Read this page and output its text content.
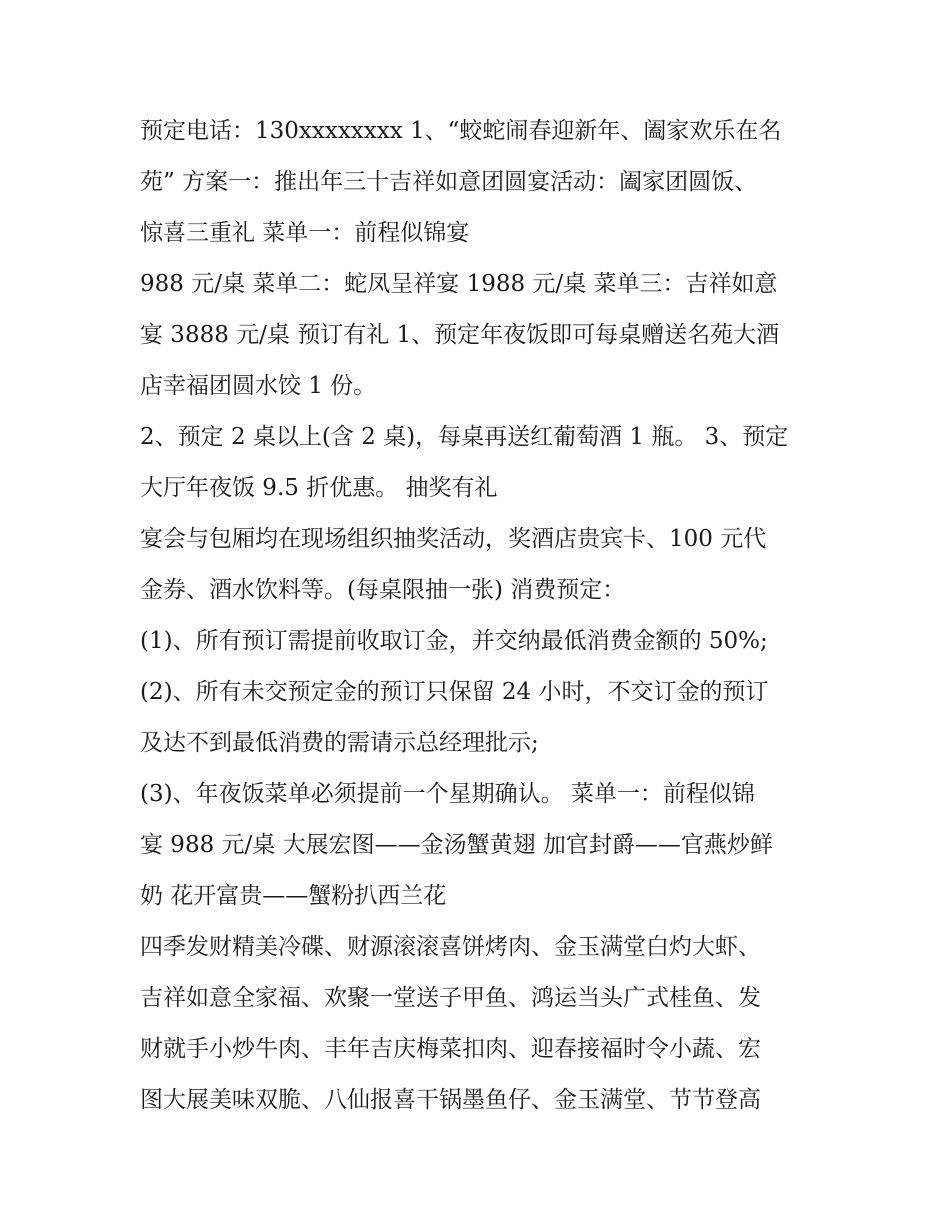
预定电话：130xxxxxxxx 1、“蛟蛇闹春迎新年、阖家欢乐在名
苑” 方案一：推出年三十吉祥如意团圆宴活动：阖家团圆饭、
惊喜三重礼 菜单一：前程似锦宴

988 元/桌 菜单二：蛇凤呈祥宴 1988 元/桌 菜单三：吉祥如意
宴 3888 元/桌 预订有礼 1、预定年夜饭即可每桌赠送名苑大酒
店幸福团圆水饺 1 份。

2、预定 2 桌以上(含 2 桌)，每桌再送红葡萄酒 1 瓶。 3、预定
大厅年夜饭 9.5 折优惠。 抽奖有礼

宴会与包厢均在现场组织抽奖活动，奖酒店贵宾卡、100 元代
金券、酒水饮料等。(每桌限抽一张) 消费预定：

(1)、所有预订需提前收取订金，并交纳最低消费金额的 50%;

(2)、所有未交预定金的预订只保留 24 小时，不交订金的预订
及达不到最低消费的需请示总经理批示;

(3)、年夜饭菜单必须提前一个星期确认。 菜单一：前程似锦
宴 988 元/桌 大展宏图——金汤蟹黄翅 加官封爵——官燕炒鲜
奶 花开富贵——蟹粉扒西兰花

四季发财精美冷碟、财源滚滚喜饼烤肉、金玉满堂白灼大虾、
吉祥如意全家福、欢聚一堂送子甲鱼、鸿运当头广式桂鱼、发
财就手小炒牛肉、丰年吉庆梅菜扣肉、迎春接福时令小蔬、宏
图大展美味双脆、八仙报喜干锅墨鱼仔、金玉满堂、节节登高
